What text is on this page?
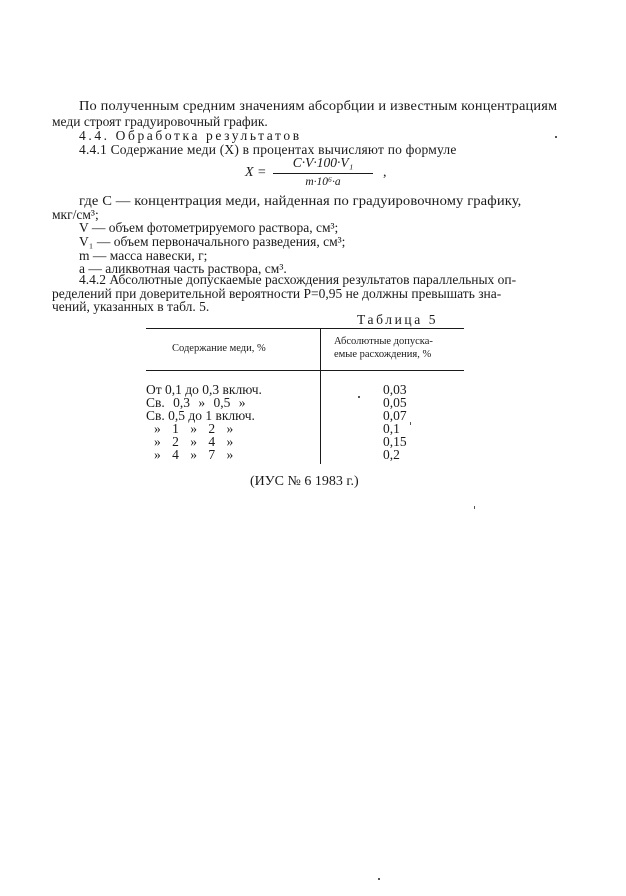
По полученным средним значениям абсорбции и известным концентрациям
меди строят градуировочный график.
4.4. Обработка результатов
4.4.1 Содержание меди (X) в процентах вычисляют по формуле
X =
C·V·100·V₁
m·10⁶·a
,
где C — концентрация меди, найденная по градуировочному графику,
мкг/см³;
V — объем фотометрируемого раствора, см³;
V₁ — объем первоначального разведения, см³;
m — масса навески, г;
a — аликвотная часть раствора, см³.
4.4.2 Абсолютные допускаемые расхождения результатов параллельных оп-
ределений при доверительной вероятности P=0,95 не должны превышать зна-
чений, указанных в табл. 5.
Таблица 5
Содержание меди, %
Абсолютные допуска-
емые расхождения, %
От 0,1 до 0,3 включ.
Св. 0,3 » 0,5 »
Св. 0,5 до 1 включ.
» 1 » 2 »
» 2 » 4 »
» 4 » 7 »
0,03
0,05
0,07
0,1
0,15
0,2
(ИУС № 6 1983 г.)
